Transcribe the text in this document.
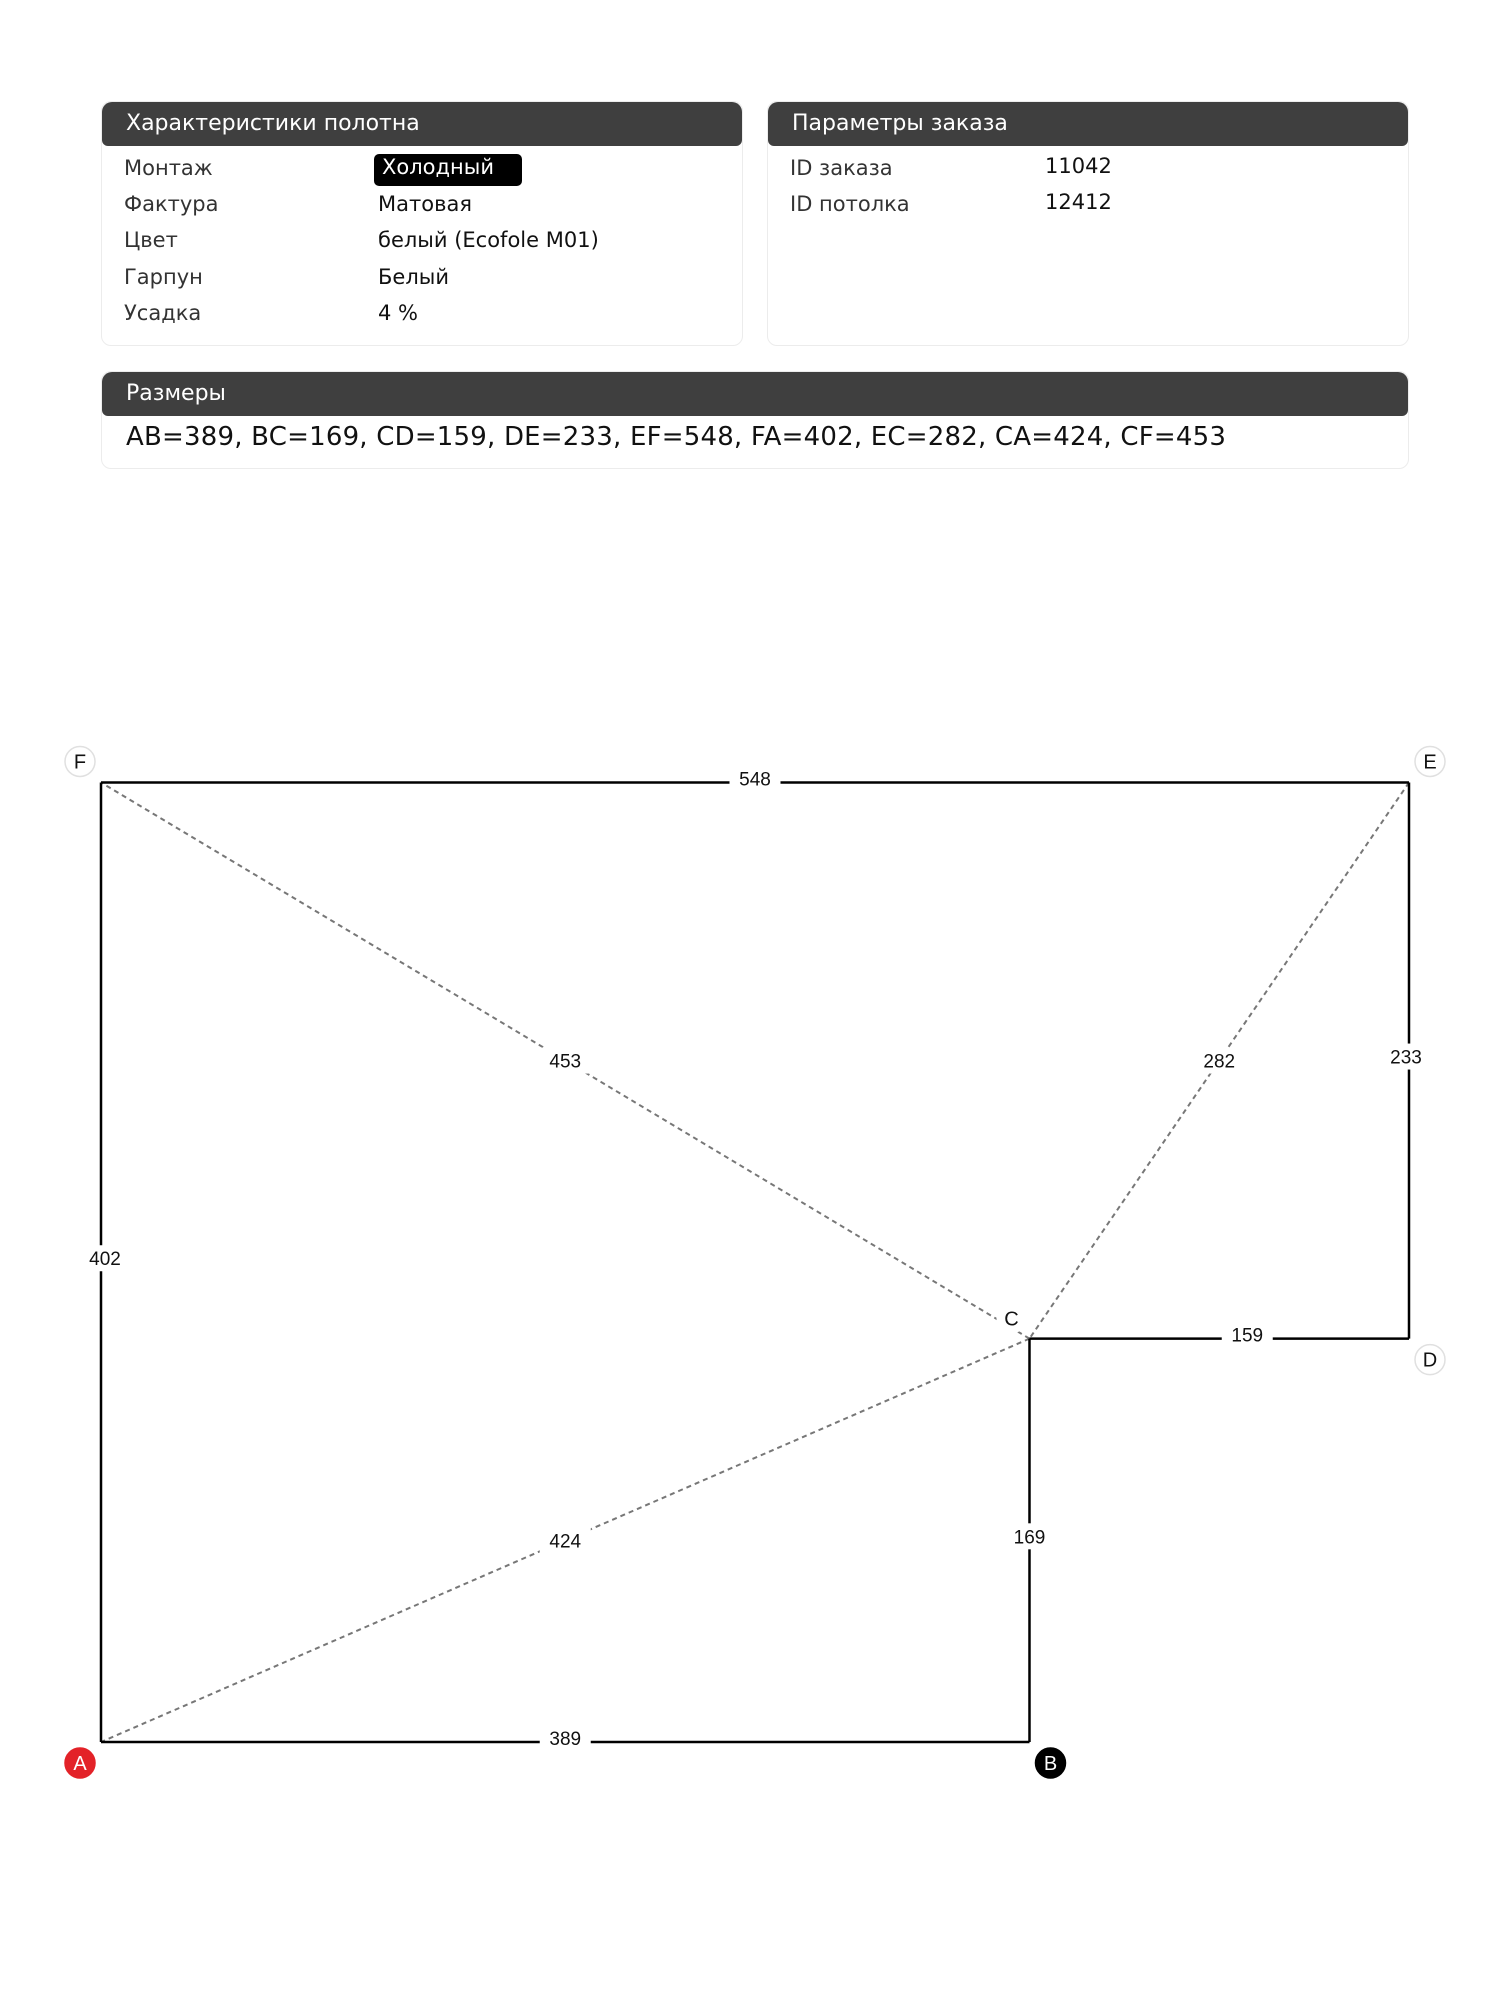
Характеристики полотна
Монтаж	Холодный
Фактура	Матовая
Цвет	белый (Ecofole M01)
Гарпун	Белый
Усадка	4 %
Параметры заказа
ID заказа	11042
ID потолка	12412
Размеры
AB=389, BC=169, CD=159, DE=233, EF=548, FA=402, EC=282, CA=424, CF=453
282
424
453
389
169
159
233
548
402
A	B
C
D
E
F
